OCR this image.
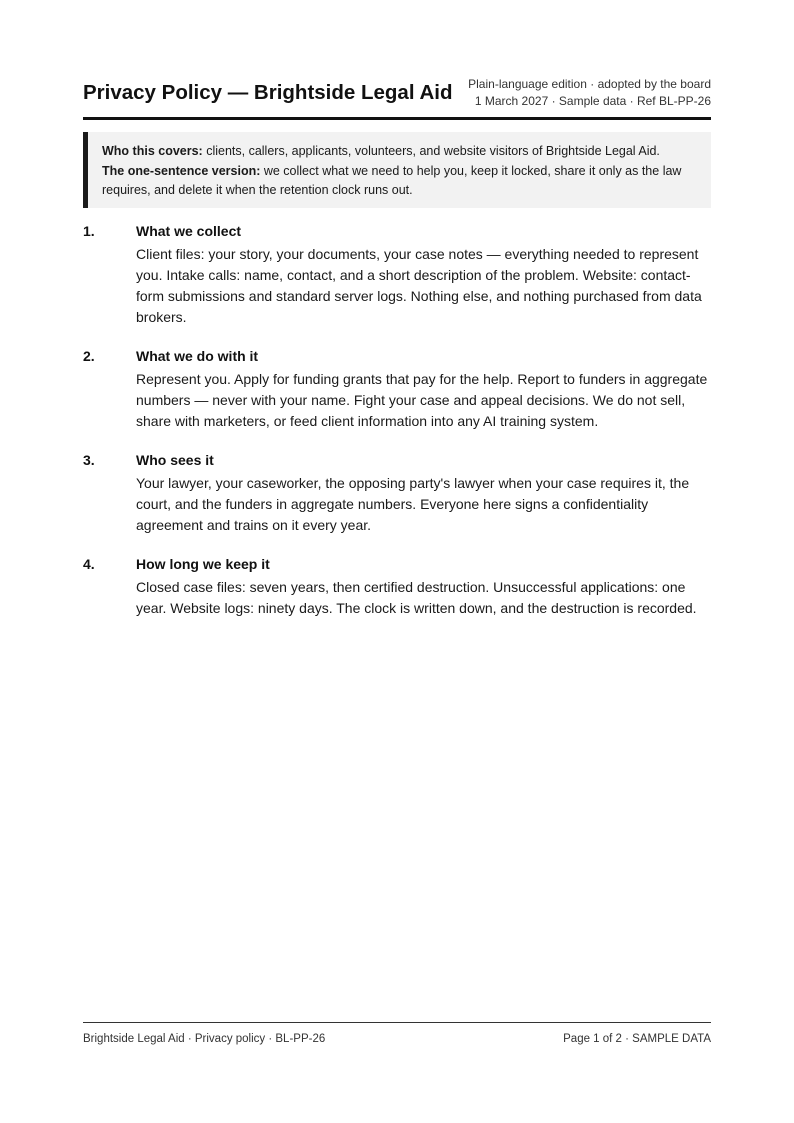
Privacy Policy — Brightside Legal Aid Plain-language edition · adopted by the board
1 March 2027 · Sample data · Ref BL-PP-26

Who this covers: clients, callers, applicants, volunteers, and website visitors of Brightside Legal Aid.

The one-sentence version: we collect what we need to help you, keep it locked, share it only as the law requires, and delete it when the retention clock runs out.

1.	What we collect

Client files: your story, your documents, your case notes — everything needed to represent you. Intake calls: name, contact, and a short description of the problem. Website: contact-form submissions and standard server logs. Nothing else, and nothing purchased from data brokers.

2.	What we do with it

Represent you. Apply for funding grants that pay for the help. Report to funders in aggregate numbers — never with your name. Fight your case and appeal decisions. We do not sell, share with marketers, or feed client information into any AI training system.

3.	Who sees it

Your lawyer, your caseworker, the opposing party's lawyer when your case requires it, the court, and the funders in aggregate numbers. Everyone here signs a confidentiality agreement and trains on it every year.

4.	How long we keep it

Closed case files: seven years, then certified destruction. Unsuccessful applications: one year. Website logs: ninety days. The clock is written down, and the destruction is recorded.

Brightside Legal Aid · Privacy policy · BL-PP-26	Page 1 of 2 · SAMPLE DATA
